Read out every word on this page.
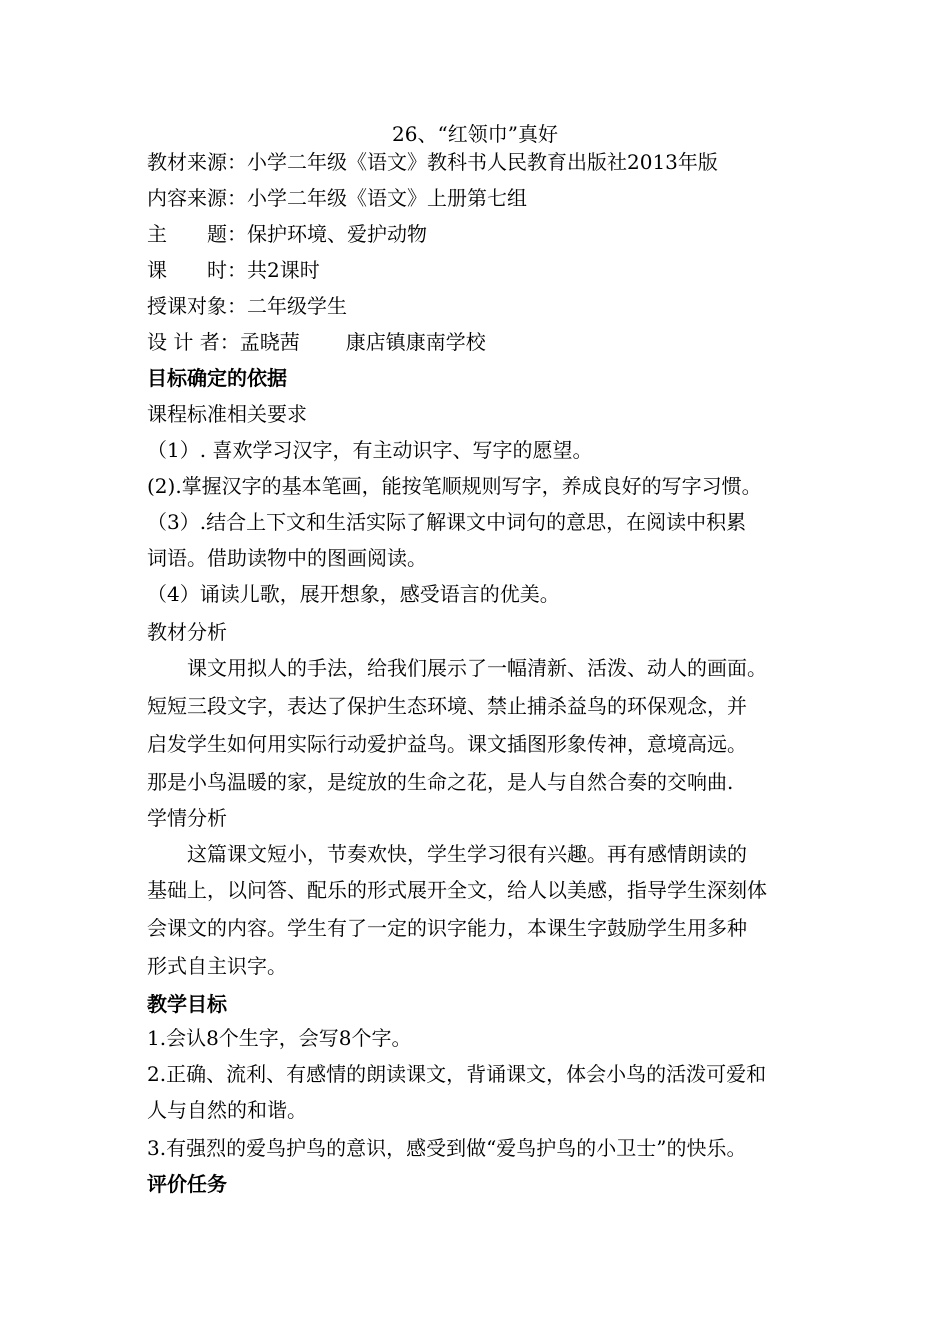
26、“红领巾”真好
教材来源：小学二年级《语文》教科书人民教育出版社2013年版
内容来源：小学二年级《语文》上册第七组
主　　题：保护环境、爱护动物
课　　时：共2课时
授课对象：二年级学生
设 计 者：孟晓茜 康店镇康南学校
目标确定的依据
课程标准相关要求
（1）. 喜欢学习汉字，有主动识字、写字的愿望。
(2).掌握汉字的基本笔画，能按笔顺规则写字，养成良好的写字习惯。
（3）.结合上下文和生活实际了解课文中词句的意思，在阅读中积累
词语。借助读物中的图画阅读。
（4）诵读儿歌，展开想象，感受语言的优美。
教材分析
课文用拟人的手法，给我们展示了一幅清新、活泼、动人的画面。
短短三段文字，表达了保护生态环境、禁止捕杀益鸟的环保观念，并
启发学生如何用实际行动爱护益鸟。课文插图形象传神，意境高远。
那是小鸟温暖的家，是绽放的生命之花，是人与自然合奏的交响曲.
学情分析
这篇课文短小，节奏欢快，学生学习很有兴趣。再有感情朗读的
基础上，以问答、配乐的形式展开全文，给人以美感，指导学生深刻体
会课文的内容。学生有了一定的识字能力，本课生字鼓励学生用多种
形式自主识字。
教学目标
1.会认8个生字，会写8个字。
2.正确、流利、有感情的朗读课文，背诵课文，体会小鸟的活泼可爱和
人与自然的和谐。
3.有强烈的爱鸟护鸟的意识，感受到做“爱鸟护鸟的小卫士”的快乐。
评价任务
